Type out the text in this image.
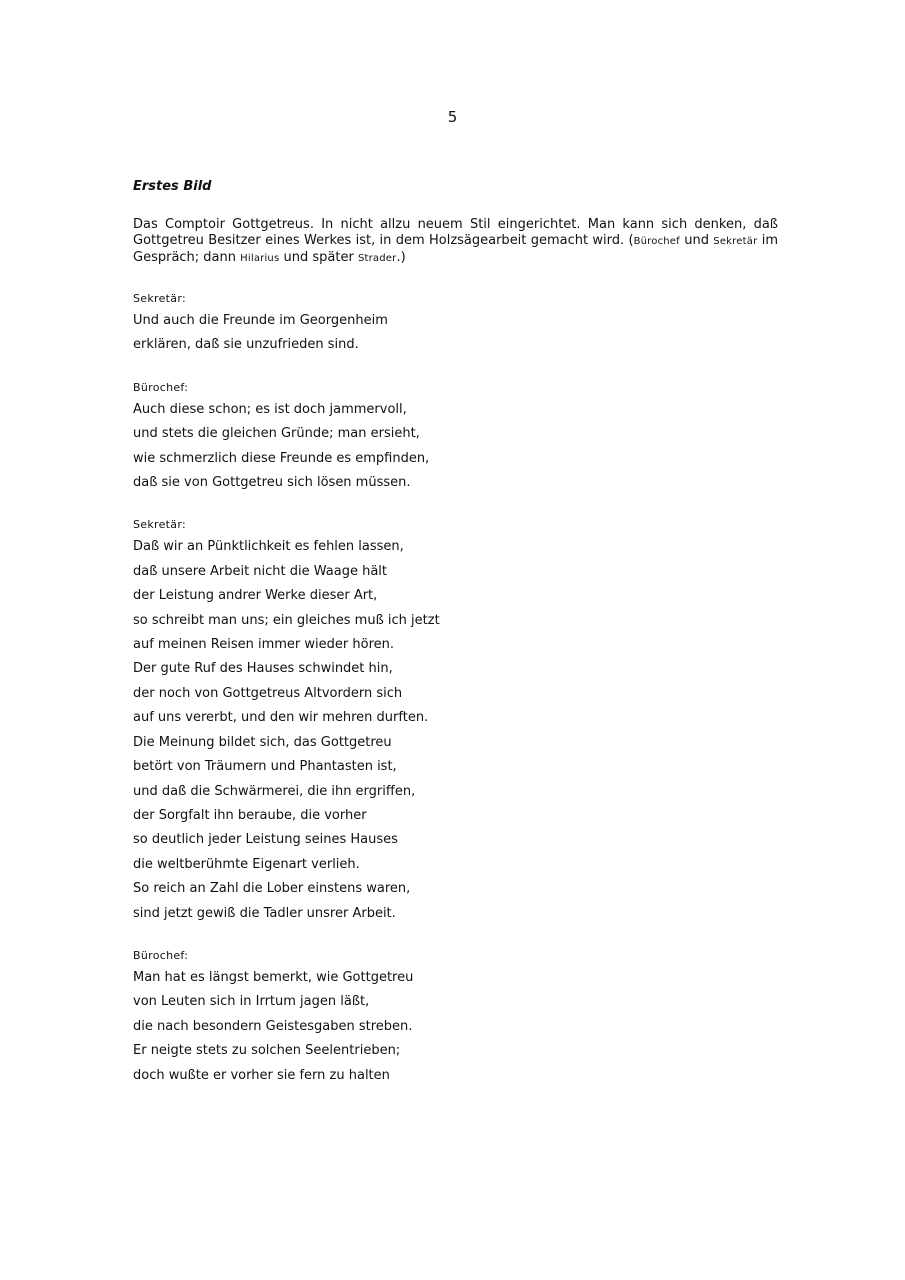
5
Erstes Bild
Das Comptoir Gottgetreus. In nicht allzu neuem Stil eingerichtet. Man kann sich denken, daß Gottgetreu Besitzer eines Werkes ist, in dem Holzsägearbeit gemacht wird. (Bürochef und Sekretär im Gespräch; dann Hilarius und später Strader.)
Sekretär:
Und auch die Freunde im Georgenheim
erklären, daß sie unzufrieden sind.
Bürochef:
Auch diese schon; es ist doch jammervoll,
und stets die gleichen Gründe; man ersieht,
wie schmerzlich diese Freunde es empfinden,
daß sie von Gottgetreu sich lösen müssen.
Sekretär:
Daß wir an Pünktlichkeit es fehlen lassen,
daß unsere Arbeit nicht die Waage hält
der Leistung andrer Werke dieser Art,
so schreibt man uns; ein gleiches muß ich jetzt
auf meinen Reisen immer wieder hören.
Der gute Ruf des Hauses schwindet hin,
der noch von Gottgetreus Altvordern sich
auf uns vererbt, und den wir mehren durften.
Die Meinung bildet sich, das Gottgetreu
betört von Träumern und Phantasten ist,
und daß die Schwärmerei, die ihn ergriffen,
der Sorgfalt ihn beraube, die vorher
so deutlich jeder Leistung seines Hauses
die weltberühmte Eigenart verlieh.
So reich an Zahl die Lober einstens waren,
sind jetzt gewiß die Tadler unsrer Arbeit.
Bürochef:
Man hat es längst bemerkt, wie Gottgetreu
von Leuten sich in Irrtum jagen läßt,
die nach besondern Geistesgaben streben.
Er neigte stets zu solchen Seelentrieben;
doch wußte er vorher sie fern zu halten
